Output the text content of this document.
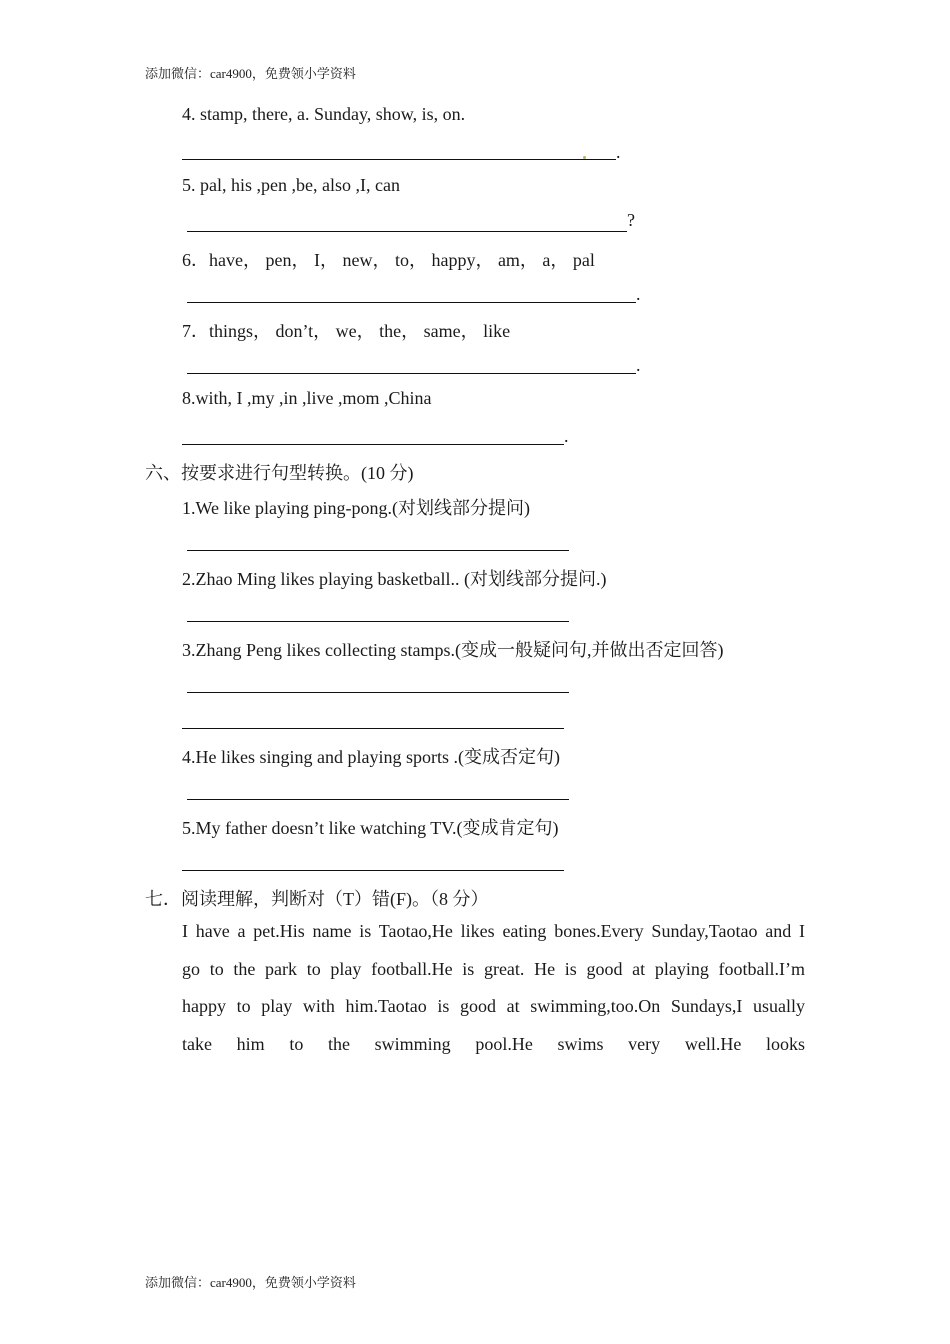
添加微信：car4900，免费领小学资料
4. stamp, there, a. Sunday, show, is, on.
.
5. pal, his ,pen ,be, also ,I, can
?
6．have， pen， I， new， to， happy， am， a， pal
.
7．things， don’t， we， the， same， like
.
8.with, I ,my ,in ,live ,mom ,China
.
六、按要求进行句型转换。(10 分)
1.We like playing ping-pong.(对划线部分提问)
2.Zhao Ming likes playing basketball.. (对划线部分提问.)
3.Zhang Peng likes collecting stamps.(变成一般疑问句,并做出否定回答)
4.He likes singing and playing sports .(变成否定句)
5.My father doesn’t like watching TV.(变成肯定句)
七．阅读理解，判断对（T）错(F)。（8 分）
I have a pet.His name is Taotao,He likes eating bones.Every Sunday,Taotao and I
go to the park to play football.He is great. He is good at playing football.I’m
happy to play with him.Taotao is good at swimming,too.On Sundays,I usually
take him to the swimming pool.He swims very well.He looks
添加微信：car4900，免费领小学资料
